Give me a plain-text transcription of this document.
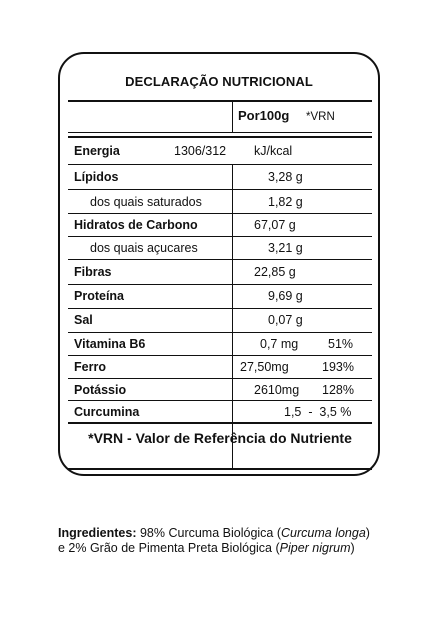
DECLARAÇÃO NUTRICIONAL
Por100g *VRN
Energia	1306/312 kJ/kcal
Lípidos	3,28 g
dos quais saturados	1,82 g
Hidratos de Carbono	67,07 g
dos quais açucares	3,21 g
Fibras	22,85 g
Proteína	9,69 g
Sal	0,07 g
Vitamina B6	0,7 mg 51%
Ferro	27,50mg	193%
Potássio	2610mg 128%
Curcumina	1,5  -  3,5 %
*VRN - Valor de Referência do Nutriente
Ingredientes: 98% Curcuma Biológica (Curcuma longa) e 2% Grão de Pimenta Preta Biológica (Piper nigrum)
